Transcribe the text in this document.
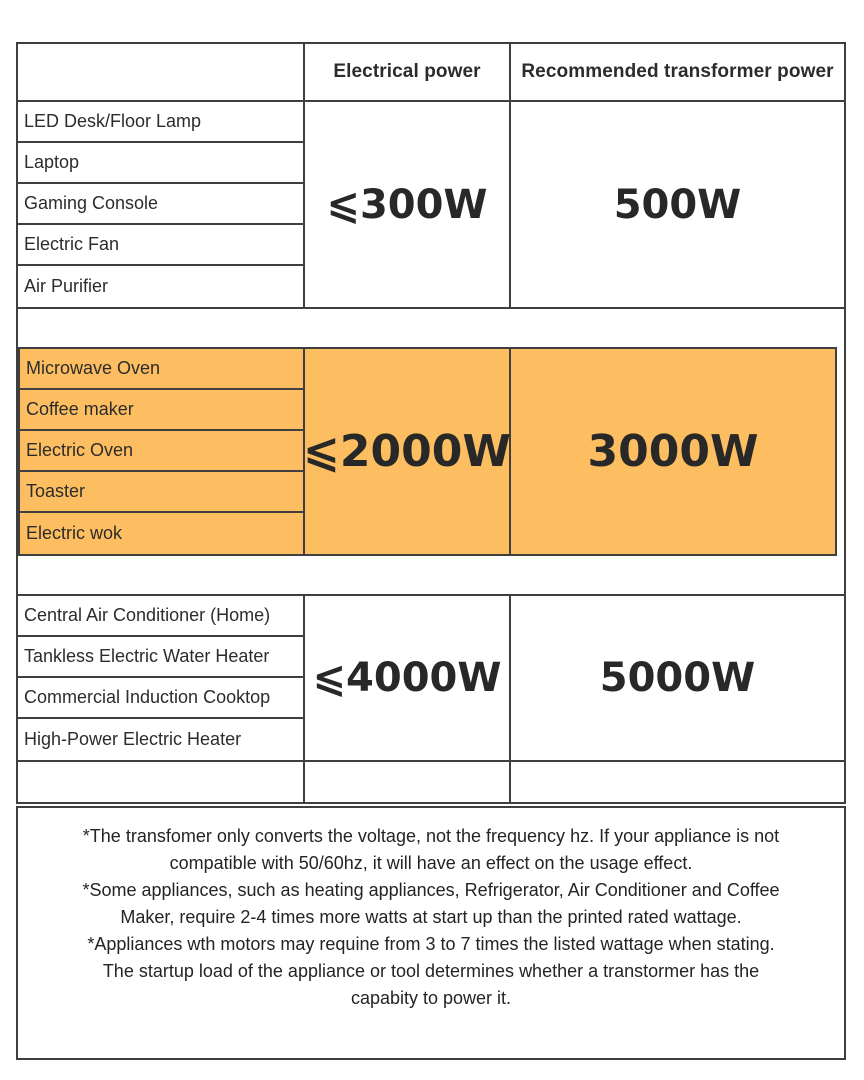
Electrical power	Recommended transformer power
LED Desk/Floor Lamp
Laptop
Gaming Console
Electric Fan
Air Purifier
⩽300W	500W
Microwave Oven
Coffee maker
Electric Oven
Toaster
Electric wok
⩽2000W	3000W
Central Air Conditioner (Home)
Tankless Electric Water Heater
Commercial Induction Cooktop
High-Power Electric Heater
⩽4000W	5000W
*The transfomer only converts the voltage, not the frequency hz. If your appliance is not
compatible with 50/60hz, it will have an effect on the usage effect.
*Some appliances, such as heating appliances, Refrigerator, Air Conditioner and Coffee
Maker, require 2-4 times more watts at start up than the printed rated wattage.
*Appliances wth motors may requine from 3 to 7 times the listed wattage when stating.
The startup load of the appliance or tool determines whether a transtormer has the
capabity to power it.
